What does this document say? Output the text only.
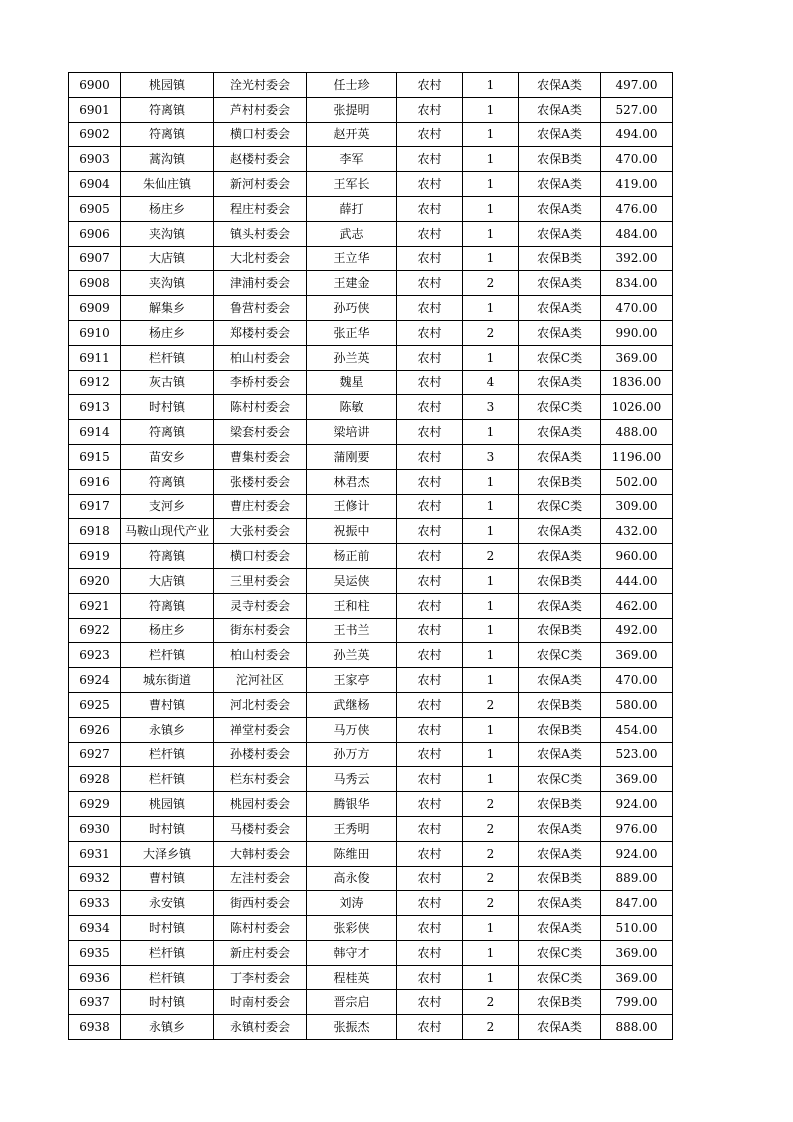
6900	桃园镇	洤光村委会	任士珍	农村	1	农保A类	497.00
6901	符离镇	芦村村委会	张提明	农村	1	农保A类	527.00
6902	符离镇	横口村委会	赵开英	农村	1	农保A类	494.00
6903	蒿沟镇	赵楼村委会	李军	农村	1	农保B类	470.00
6904	朱仙庄镇	新河村委会	王军长	农村	1	农保A类	419.00
6905	杨庄乡	程庄村委会	薛打	农村	1	农保A类	476.00
6906	夹沟镇	镇头村委会	武志	农村	1	农保A类	484.00
6907	大店镇	大北村委会	王立华	农村	1	农保B类	392.00
6908	夹沟镇	津浦村委会	王建金	农村	2	农保A类	834.00
6909	解集乡	鲁营村委会	孙巧侠	农村	1	农保A类	470.00
6910	杨庄乡	郑楼村委会	张正华	农村	2	农保A类	990.00
6911	栏杆镇	柏山村委会	孙兰英	农村	1	农保C类	369.00
6912	灰古镇	李桥村委会	魏星	农村	4	农保A类	1836.00
6913	时村镇	陈村村委会	陈敏	农村	3	农保C类	1026.00
6914	符离镇	梁套村委会	梁培讲	农村	1	农保A类	488.00
6915	苗安乡	曹集村委会	蒲刚要	农村	3	农保A类	1196.00
6916	符离镇	张楼村委会	林君杰	农村	1	农保B类	502.00
6917	支河乡	曹庄村委会	王修计	农村	1	农保C类	309.00
6918	马鞍山现代产业	大张村委会	祝振中	农村	1	农保A类	432.00
6919	符离镇	横口村委会	杨正前	农村	2	农保A类	960.00
6920	大店镇	三里村委会	吴运侠	农村	1	农保B类	444.00
6921	符离镇	灵寺村委会	王和柱	农村	1	农保A类	462.00
6922	杨庄乡	街东村委会	王书兰	农村	1	农保B类	492.00
6923	栏杆镇	柏山村委会	孙兰英	农村	1	农保C类	369.00
6924	城东街道	沱河社区	王家亭	农村	1	农保A类	470.00
6925	曹村镇	河北村委会	武继杨	农村	2	农保B类	580.00
6926	永镇乡	禅堂村委会	马万侠	农村	1	农保B类	454.00
6927	栏杆镇	孙楼村委会	孙万方	农村	1	农保A类	523.00
6928	栏杆镇	栏东村委会	马秀云	农村	1	农保C类	369.00
6929	桃园镇	桃园村委会	腾银华	农村	2	农保B类	924.00
6930	时村镇	马楼村委会	王秀明	农村	2	农保A类	976.00
6931	大泽乡镇	大韩村委会	陈维田	农村	2	农保A类	924.00
6932	曹村镇	左洼村委会	高永俊	农村	2	农保B类	889.00
6933	永安镇	街西村委会	刘涛	农村	2	农保A类	847.00
6934	时村镇	陈村村委会	张彩侠	农村	1	农保A类	510.00
6935	栏杆镇	新庄村委会	韩守才	农村	1	农保C类	369.00
6936	栏杆镇	丁李村委会	程桂英	农村	1	农保C类	369.00
6937	时村镇	时南村委会	晋宗启	农村	2	农保B类	799.00
6938	永镇乡	永镇村委会	张振杰	农村	2	农保A类	888.00
